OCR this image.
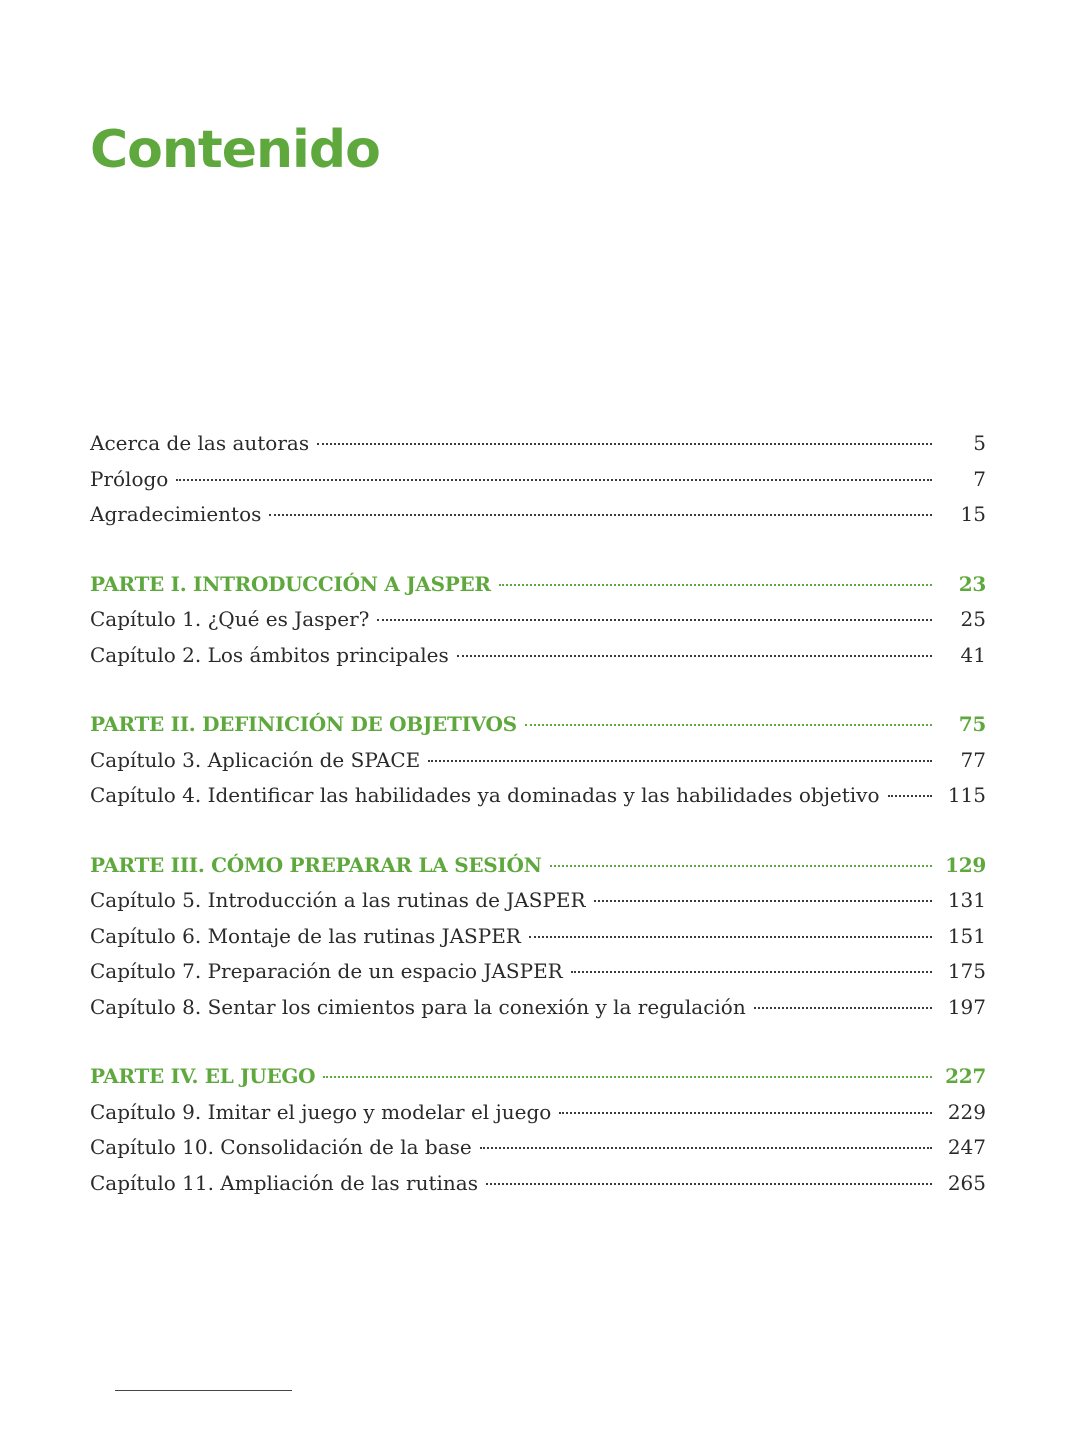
Contenido
Acerca de las autoras	5
Prólogo	7
Agradecimientos	15
PARTE I. INTRODUCCIÓN A JASPER	23
Capítulo 1. ¿Qué es Jasper?	25
Capítulo 2. Los ámbitos principales	41
PARTE II. DEFINICIÓN DE OBJETIVOS	75
Capítulo 3. Aplicación de SPACE	77
Capítulo 4. Identificar las habilidades ya dominadas y las habilidades objetivo	115
PARTE III. CÓMO PREPARAR LA SESIÓN	129
Capítulo 5. Introducción a las rutinas de JASPER	131
Capítulo 6. Montaje de las rutinas JASPER	151
Capítulo 7. Preparación de un espacio JASPER	175
Capítulo 8. Sentar los cimientos para la conexión y la regulación	197
PARTE IV. EL JUEGO	227
Capítulo 9. Imitar el juego y modelar el juego	229
Capítulo 10. Consolidación de la base	247
Capítulo 11. Ampliación de las rutinas	265
